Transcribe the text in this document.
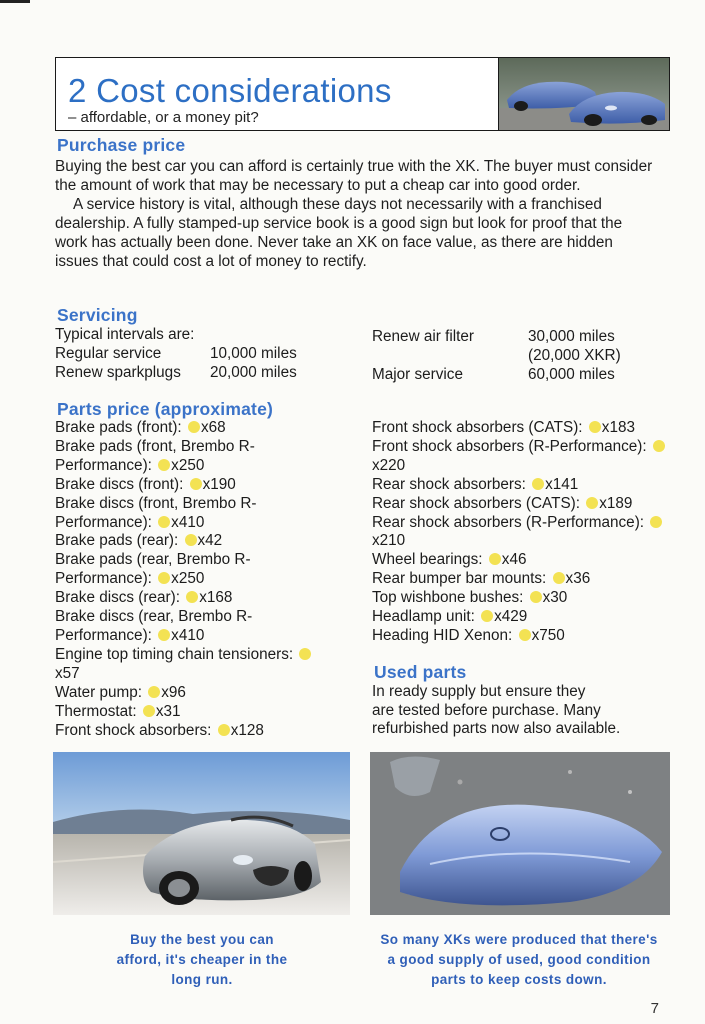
2 Cost considerations
– affordable, or a money pit?
Purchase price

Buying the best car you can afford is certainly true with the XK. The buyer must consider the amount of work that may be necessary to put a cheap car into good order.

A service history is vital, although these days not necessarily with a franchised dealership. A fully stamped-up service book is a good sign but look for proof that the work has actually been done. Never take an XK on face value, as there are hidden issues that could cost a lot of money to rectify.

Servicing
Typical intervals are:
Regular service	10,000 miles
Renew sparkplugs 20,000 miles
Renew air filter	30,000 miles
(20,000 XKR)
Major service	60,000 miles
Parts price (approximate)
Brake pads (front): x68
Brake pads (front, Brembo R-Performance): x250
Brake discs (front): x190
Brake discs (front, Brembo R-Performance): x410
Brake pads (rear): x42
Brake pads (rear, Brembo R-Performance): x250
Brake discs (rear): x168
Brake discs (rear, Brembo R-Performance): x410
Engine top timing chain tensioners: x57
Water pump: x96
Thermostat: x31
Front shock absorbers: x128
Front shock absorbers (CATS): x183
Front shock absorbers (R-Performance): x220
Rear shock absorbers: x141
Rear shock absorbers (CATS): x189
Rear shock absorbers (R-Performance): x210
Wheel bearings: x46
Rear bumper bar mounts: x36
Top wishbone bushes: x30
Headlamp unit: x429
Heading HID Xenon: x750
Used parts
In ready supply but ensure they
are tested before purchase. Many
refurbished parts now also available.
Buy the best you can
afford, it's cheaper in the
long run.
So many XKs were produced that there's
a good supply of used, good condition
parts to keep costs down.
7
